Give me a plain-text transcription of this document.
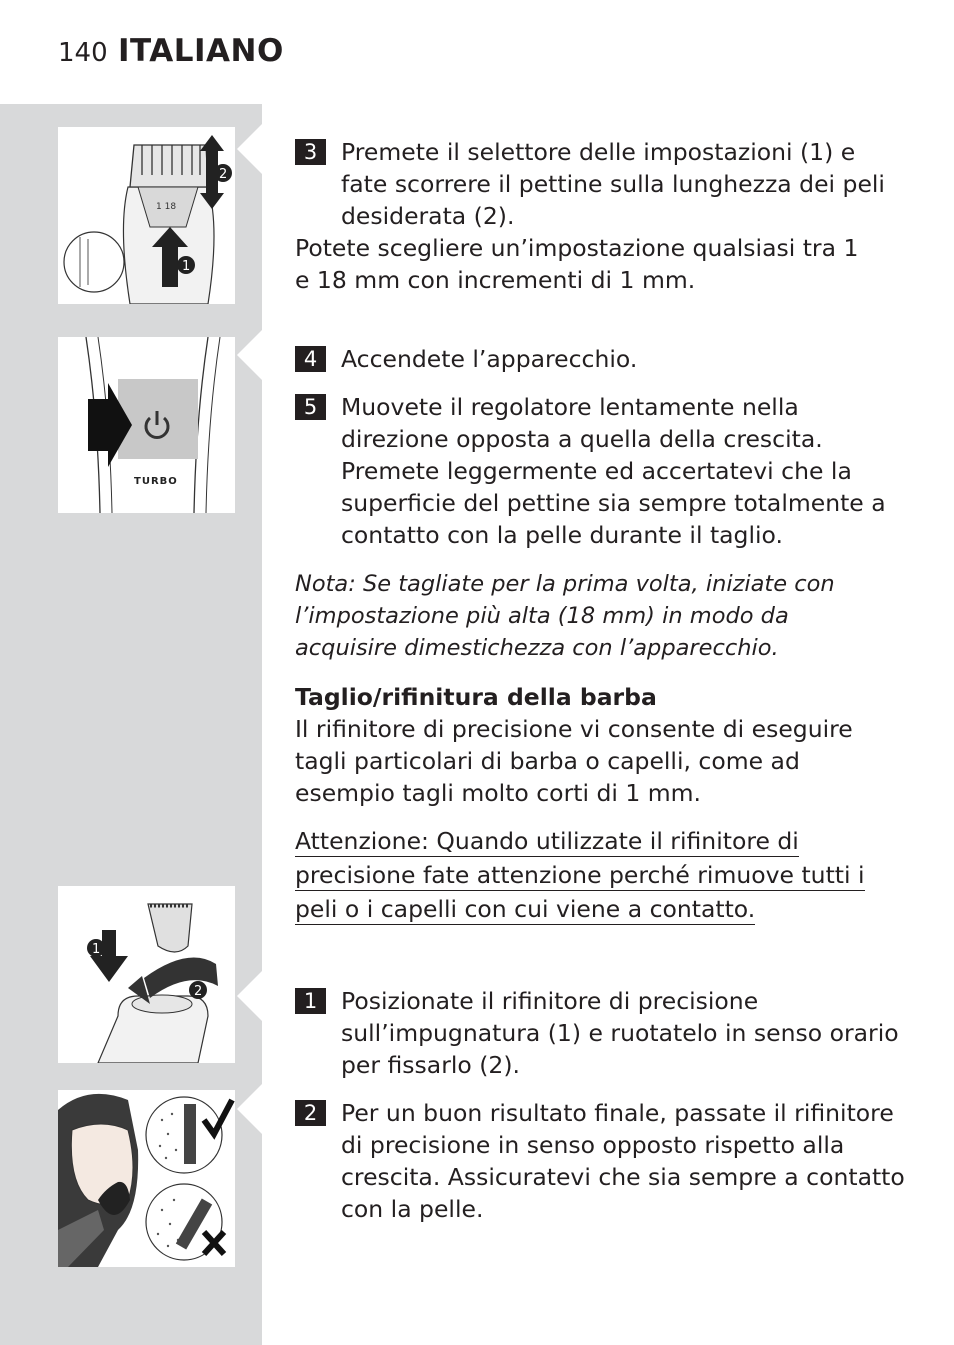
140 ITALIANO
1 18
2
1
TURBO
1
2
3	Premete il selettore delle impostazioni (1) e fate scorrere il pettine sulla lunghezza dei peli desiderata (2).
Potete scegliere un’impostazione qualsiasi tra 1 e 18 mm con incrementi di 1 mm.
4	Accendete l’apparecchio.
5	Muovete il regolatore lentamente nella direzione opposta a quella della crescita. Premete leggermente ed accertatevi che la superficie del pettine sia sempre totalmente a contatto con la pelle durante il taglio.
Nota: Se tagliate per la prima volta, iniziate con l’impostazione più alta (18 mm) in modo da acquisire dimestichezza con l’apparecchio.
Taglio/rifinitura della barba
Il rifinitore di precisione vi consente di eseguire tagli particolari di barba o capelli, come ad esempio tagli molto corti di 1 mm.
Attenzione: Quando utilizzate il rifinitore di
precisione fate attenzione perché rimuove tutti i
peli o i capelli con cui viene a contatto.
1	Posizionate il rifinitore di precisione sull’impugnatura (1) e ruotatelo in senso orario per fissarlo (2).
2	Per un buon risultato finale, passate il rifinitore di precisione in senso opposto rispetto alla crescita. Assicuratevi che sia sempre a contatto con la pelle.
